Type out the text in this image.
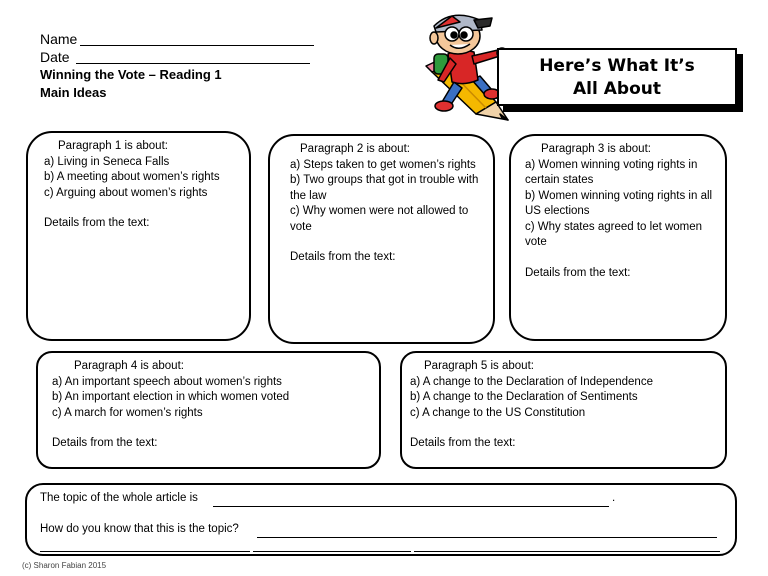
Name
Date
Winning the Vote – Reading 1
Main Ideas
Here’s What It’s
All About
Paragraph 1 is about:
a) Living in Seneca Falls
b) A meeting about women’s rights
c) Arguing about women’s rights
Details from the text:
Paragraph 2 is about:
a) Steps taken to get women’s rights
b) Two groups that got in trouble with the law
c) Why women were not allowed to vote
Details from the text:
Paragraph 3 is about:
a) Women winning voting rights in certain states
b) Women winning voting rights in all US elections
c) Why states agreed to let women vote
Details from the text:
Paragraph 4 is about:
a) An important speech about women’s rights
b) An important election in which women voted
c) A march for women’s rights
Details from the text:
Paragraph 5 is about:
a) A change to the Declaration of Independence
b) A change to the Declaration of Sentiments
c) A change to the US Constitution
Details from the text:
The topic of the whole article is	.
How do you know that this is the topic?
(c) Sharon Fabian 2015
